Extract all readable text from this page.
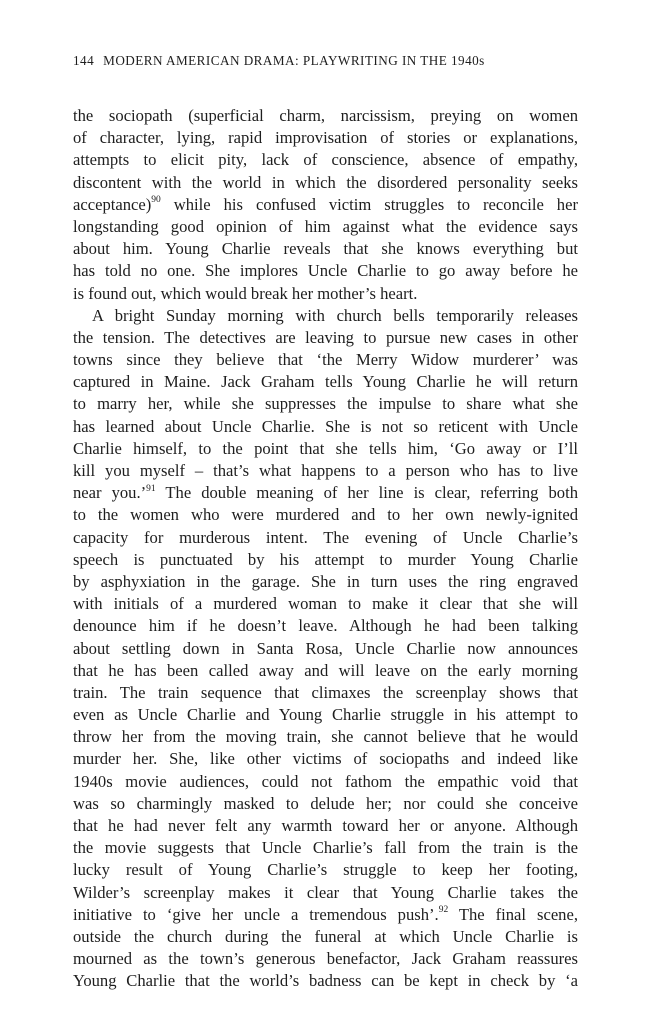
144 MODERN AMERICAN DRAMA: PLAYWRITING IN THE 1940s
the sociopath (superficial charm, narcissism, preying on women
of character, lying, rapid improvisation of stories or explanations,
attempts to elicit pity, lack of conscience, absence of empathy,
discontent with the world in which the disordered personality seeks
acceptance)$^{90}$ while his confused victim struggles to reconcile her
longstanding good opinion of him against what the evidence says
about him. Young Charlie reveals that she knows everything but
has told no one. She implores Uncle Charlie to go away before he
is found out, which would break her mother’s heart.
A bright Sunday morning with church bells temporarily releases
the tension. The detectives are leaving to pursue new cases in other
towns since they believe that ‘the Merry Widow murderer’ was
captured in Maine. Jack Graham tells Young Charlie he will return
to marry her, while she suppresses the impulse to share what she
has learned about Uncle Charlie. She is not so reticent with Uncle
Charlie himself, to the point that she tells him, ‘Go away or I’ll
kill you myself – that’s what happens to a person who has to live
near you.’$^{91}$ The double meaning of her line is clear, referring both
to the women who were murdered and to her own newly-ignited
capacity for murderous intent. The evening of Uncle Charlie’s
speech is punctuated by his attempt to murder Young Charlie
by asphyxiation in the garage. She in turn uses the ring engraved
with initials of a murdered woman to make it clear that she will
denounce him if he doesn’t leave. Although he had been talking
about settling down in Santa Rosa, Uncle Charlie now announces
that he has been called away and will leave on the early morning
train. The train sequence that climaxes the screenplay shows that
even as Uncle Charlie and Young Charlie struggle in his attempt to
throw her from the moving train, she cannot believe that he would
murder her. She, like other victims of sociopaths and indeed like
1940s movie audiences, could not fathom the empathic void that
was so charmingly masked to delude her; nor could she conceive
that he had never felt any warmth toward her or anyone. Although
the movie suggests that Uncle Charlie’s fall from the train is the
lucky result of Young Charlie’s struggle to keep her footing,
Wilder’s screenplay makes it clear that Young Charlie takes the
initiative to ‘give her uncle a tremendous push’.$^{92}$ The final scene,
outside the church during the funeral at which Uncle Charlie is
mourned as the town’s generous benefactor, Jack Graham reassures
Young Charlie that the world’s badness can be kept in check by ‘a
